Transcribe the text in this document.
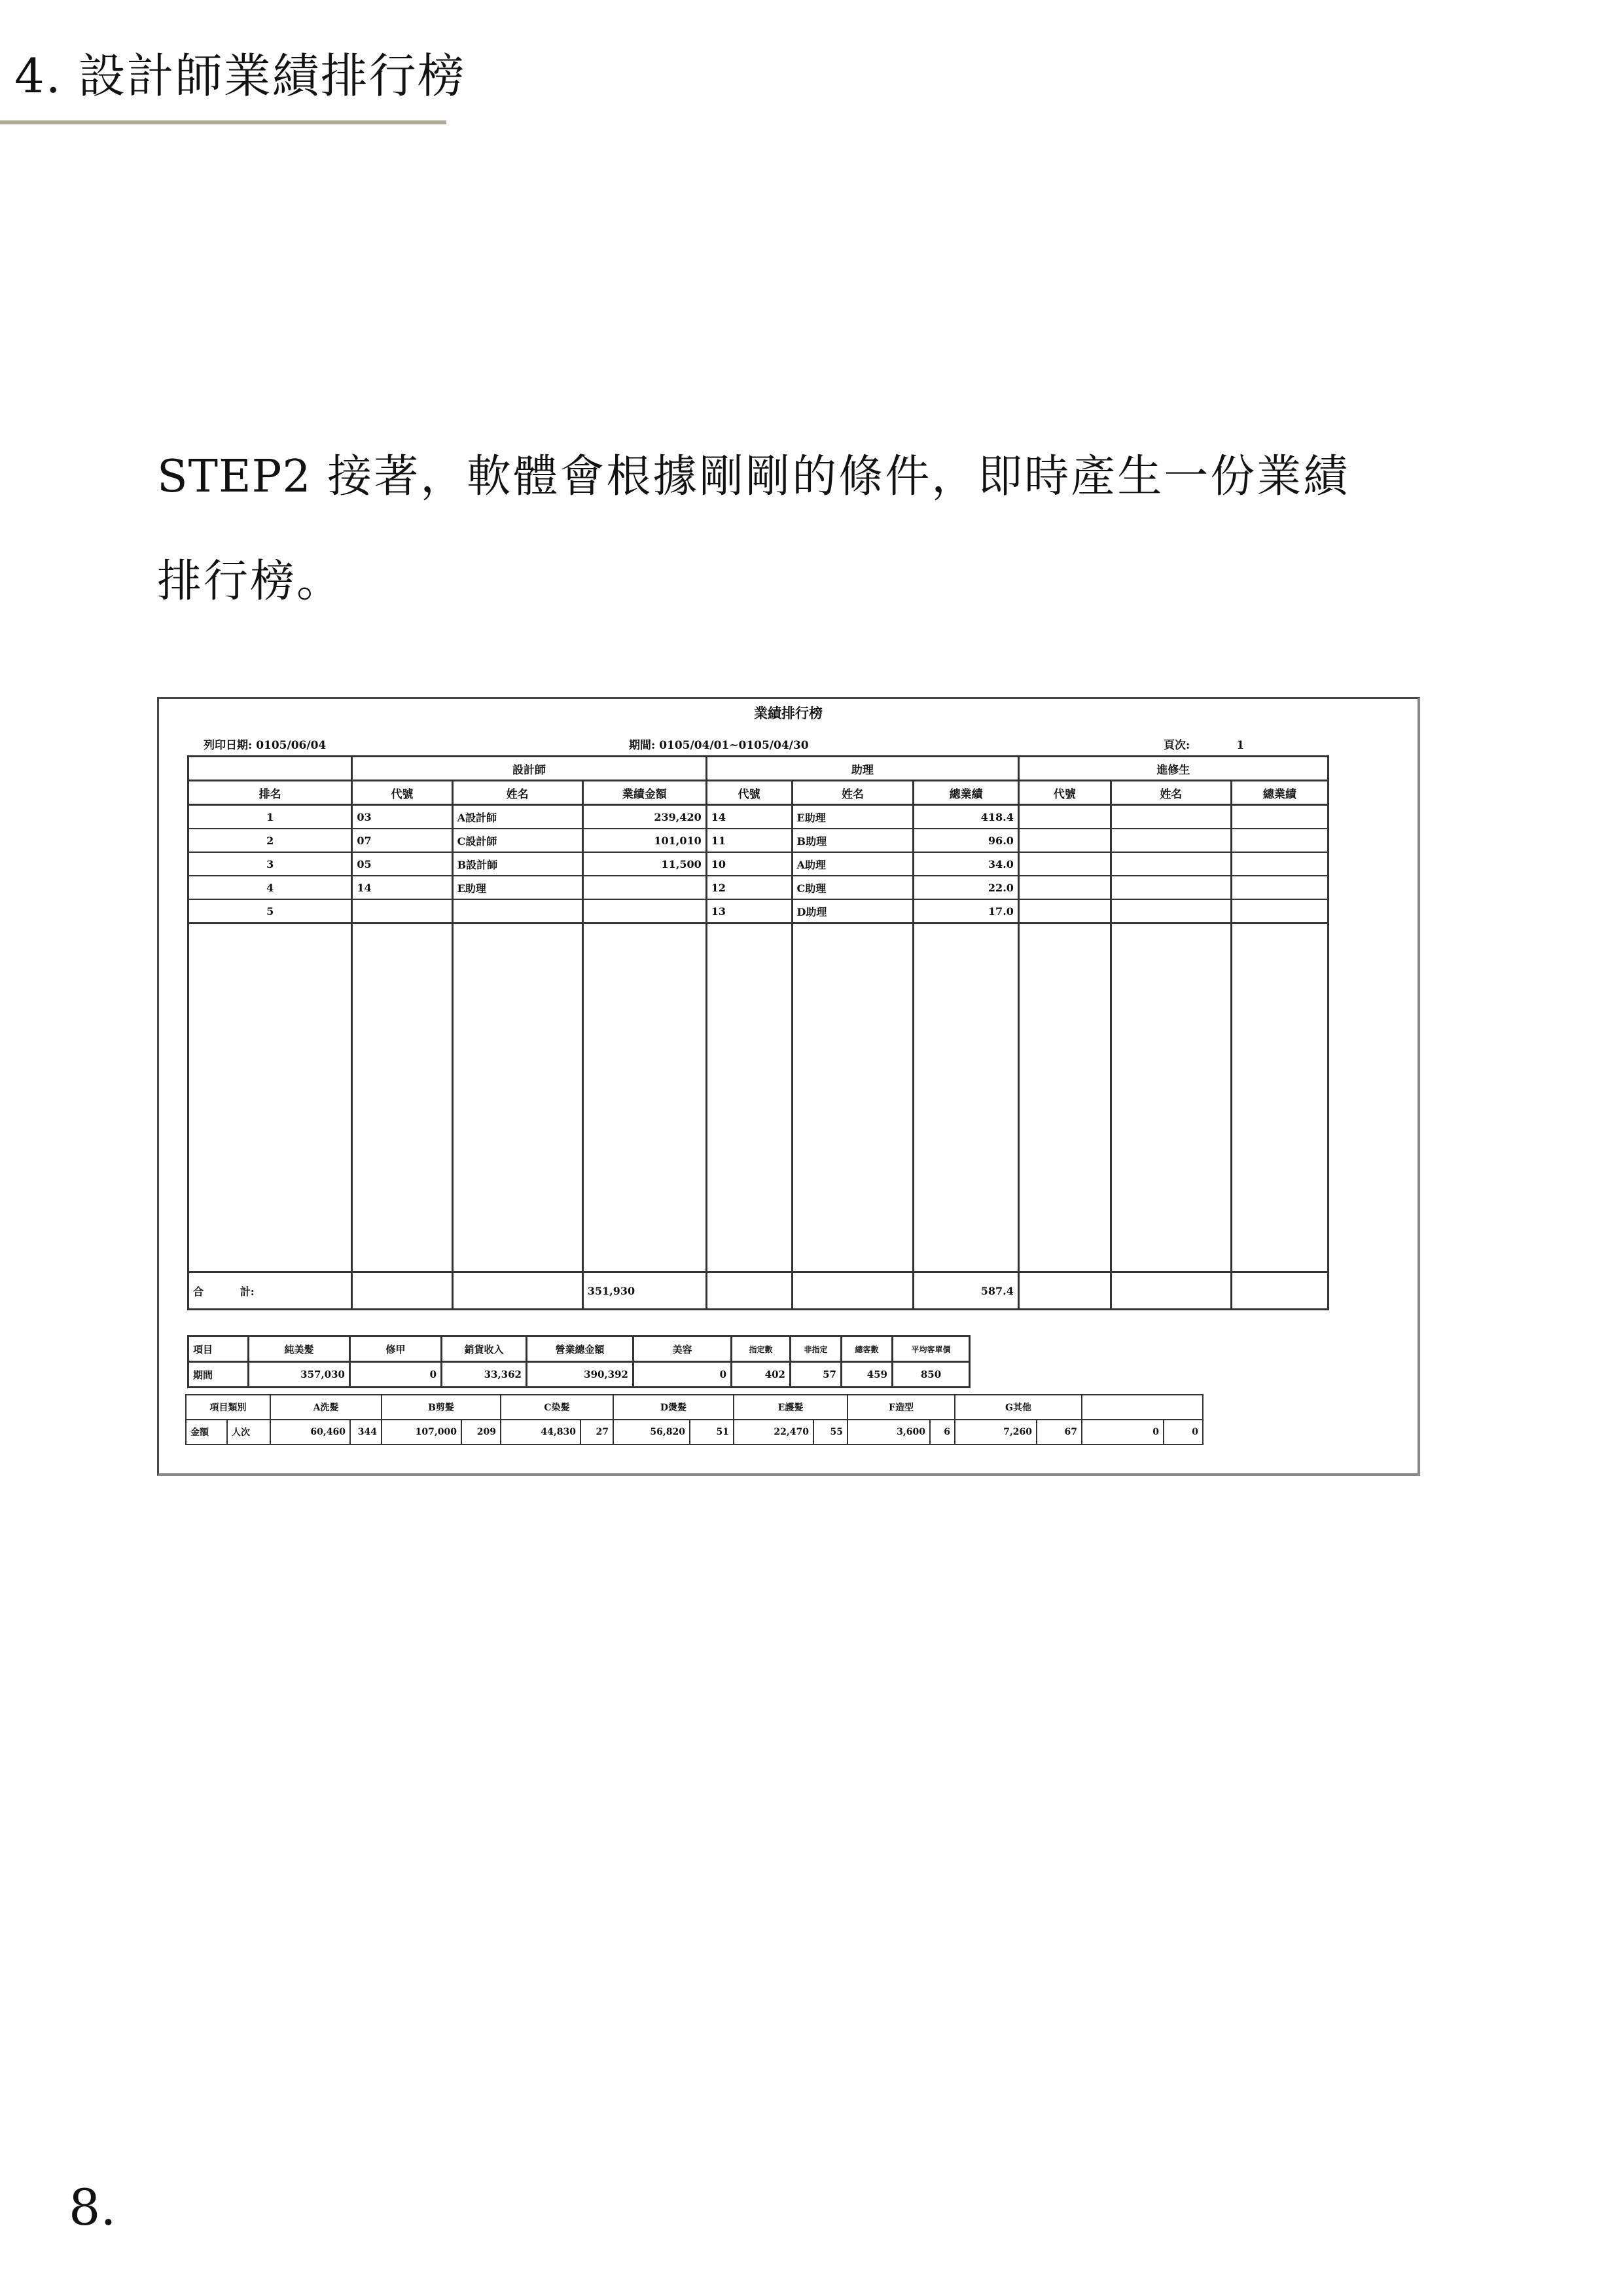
4. 設計師業績排行榜
STEP2 接著，軟體會根據剛剛的條件，即時產生一份業績
排行榜。
業績排行榜
列印日期: 0105/06/04	期間: 0105/04/01~0105/04/30	頁次:	1
	設計師			助理			進修生		
排名	代號	姓名	業績金額	代號	姓名	總業績	代號	姓名	總業績
1	03	A設計師	239,420	14	E助理	418.4			
2	07	C設計師	101,010	11	B助理	96.0			
3	05	B設計師	11,500	10	A助理	34.0			
4	14	E助理		12	C助理	22.0			
5				13	D助理	17.0			

合 計:			351,930			587.4			
項目	純美髮	修甲	銷貨收入	營業總金額	美容	指定數	非指定	總客數	平均客單價
期間	357,030	0	33,362	390,392	0	402	57	459	850
項目類別		A洗髮		B剪髮		C染髮		D燙髮		E護髮		F造型		G其他			
金額	人次	60,460	344	107,000	209	44,830	27	56,820	51	22,470	55	3,600	6	7,260	67	0	0
8.
